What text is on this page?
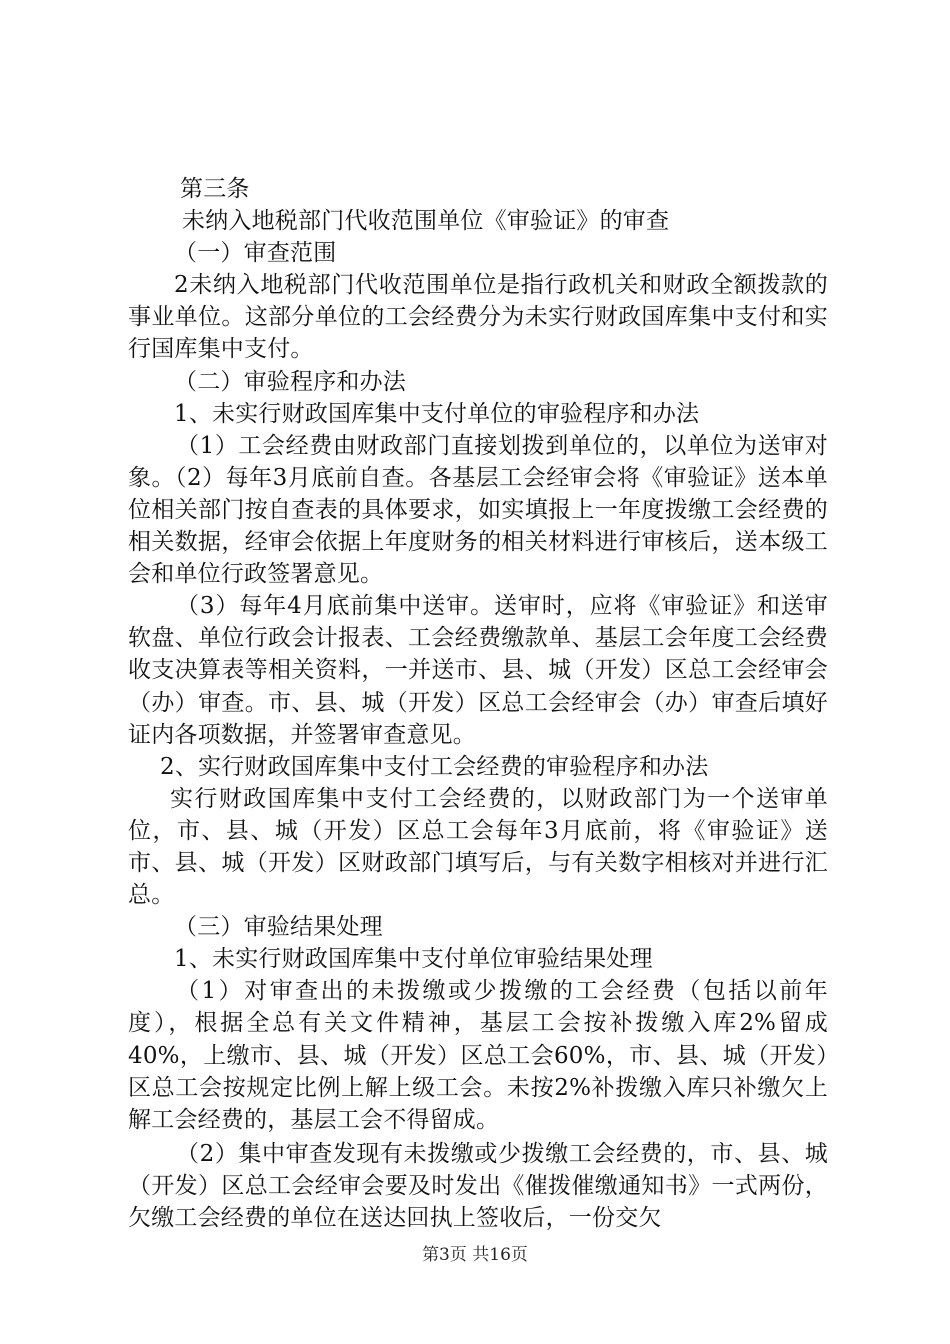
第三条

未纳入地税部门代收范围单位《审验证》的审查

（一）审查范围

2未纳入地税部门代收范围单位是指行政机关和财政全额拨款的事业单位。这部分单位的工会经费分为未实行财政国库集中支付和实行国库集中支付。

（二）审验程序和办法

1、未实行财政国库集中支付单位的审验程序和办法

（1）工会经费由财政部门直接划拨到单位的，以单位为送审对象。（2）每年3月底前自查。各基层工会经审会将《审验证》送本单位相关部门按自查表的具体要求，如实填报上一年度拨缴工会经费的相关数据，经审会依据上年度财务的相关材料进行审核后，送本级工会和单位行政签署意见。

（3）每年4月底前集中送审。送审时，应将《审验证》和送审软盘、单位行政会计报表、工会经费缴款单、基层工会年度工会经费收支决算表等相关资料，一并送市、县、城（开发）区总工会经审会（办）审查。市、县、城（开发）区总工会经审会（办）审查后填好证内各项数据，并签署审查意见。

2、实行财政国库集中支付工会经费的审验程序和办法

实行财政国库集中支付工会经费的，以财政部门为一个送审单位，市、县、城（开发）区总工会每年3月底前，将《审验证》送市、县、城（开发）区财政部门填写后，与有关数字相核对并进行汇总。

（三）审验结果处理

1、未实行财政国库集中支付单位审验结果处理

（1）对审查出的未拨缴或少拨缴的工会经费（包括以前年度），根据全总有关文件精神，基层工会按补拨缴入库2%留成40%，上缴市、县、城（开发）区总工会60%，市、县、城（开发）区总工会按规定比例上解上级工会。未按2%补拨缴入库只补缴欠上解工会经费的，基层工会不得留成。

（2）集中审查发现有未拨缴或少拨缴工会经费的，市、县、城（开发）区总工会经审会要及时发出《催拨催缴通知书》一式两份，欠缴工会经费的单位在送达回执上签收后，一份交欠

第3页 共16页
